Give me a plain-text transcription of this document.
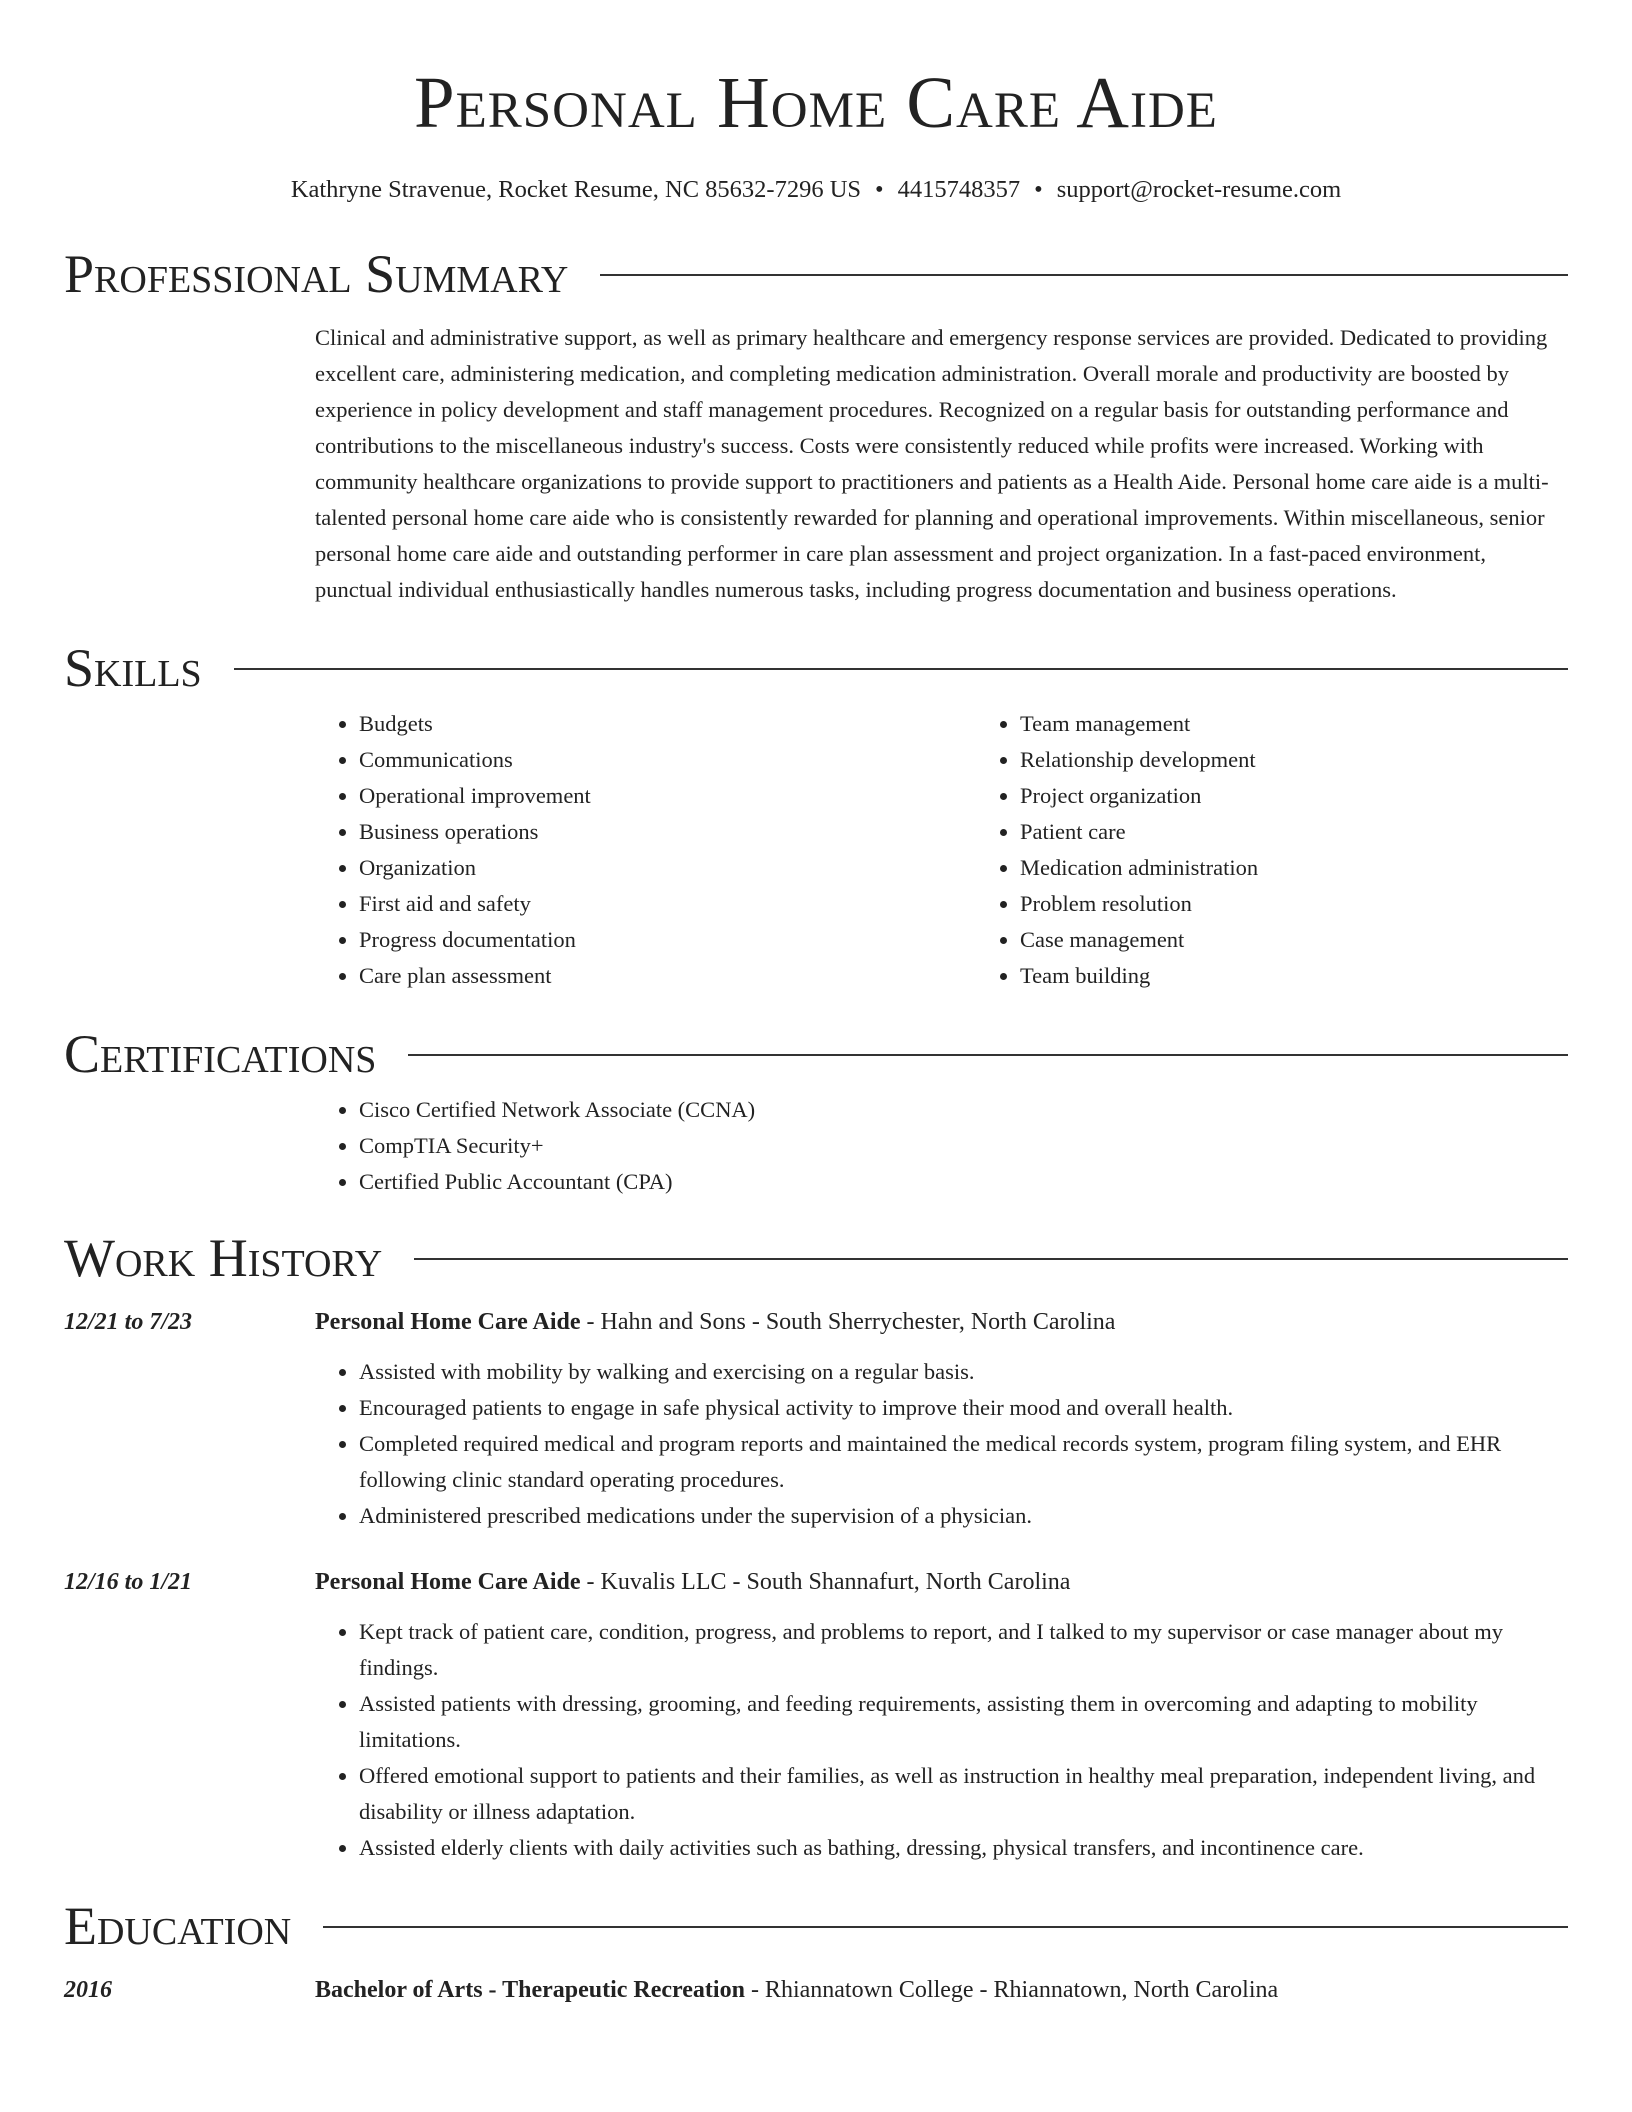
Personal Home Care Aide
Kathryne Stravenue, Rocket Resume, NC 85632-7296 US • 4415748357 • support@rocket-resume.com
Professional Summary

Clinical and administrative support, as well as primary healthcare and emergency response services are provided. Dedicated to providing excellent care, administering medication, and completing medication administration. Overall morale and productivity are boosted by experience in policy development and staff management procedures. Recognized on a regular basis for outstanding performance and contributions to the miscellaneous industry's success. Costs were consistently reduced while profits were increased. Working with community healthcare organizations to provide support to practitioners and patients as a Health Aide. Personal home care aide is a multi-talented personal home care aide who is consistently rewarded for planning and operational improvements. Within miscellaneous, senior personal home care aide and outstanding performer in care plan assessment and project organization. In a fast-paced environment, punctual individual enthusiastically handles numerous tasks, including progress documentation and business operations.

Skills
• Budgets
• Communications
• Operational improvement
• Business operations
• Organization
• First aid and safety
• Progress documentation
• Care plan assessment
• Team management
• Relationship development
• Project organization
• Patient care
• Medication administration
• Problem resolution
• Case management
• Team building
Certifications
• Cisco Certified Network Associate (CCNA)
• CompTIA Security+
• Certified Public Accountant (CPA)
Work History
12/21 to 7/23	Personal Home Care Aide - Hahn and Sons - South Sherrychester, North Carolina
• Assisted with mobility by walking and exercising on a regular basis.
• Encouraged patients to engage in safe physical activity to improve their mood and overall health.
• Completed required medical and program reports and maintained the medical records system, program filing system, and EHR following clinic standard operating procedures.
• Administered prescribed medications under the supervision of a physician.
12/16 to 1/21	Personal Home Care Aide - Kuvalis LLC - South Shannafurt, North Carolina
• Kept track of patient care, condition, progress, and problems to report, and I talked to my supervisor or case manager about my findings.
• Assisted patients with dressing, grooming, and feeding requirements, assisting them in overcoming and adapting to mobility limitations.
• Offered emotional support to patients and their families, as well as instruction in healthy meal preparation, independent living, and disability or illness adaptation.
• Assisted elderly clients with daily activities such as bathing, dressing, physical transfers, and incontinence care.
Education
2016	Bachelor of Arts - Therapeutic Recreation - Rhiannatown College - Rhiannatown, North Carolina
